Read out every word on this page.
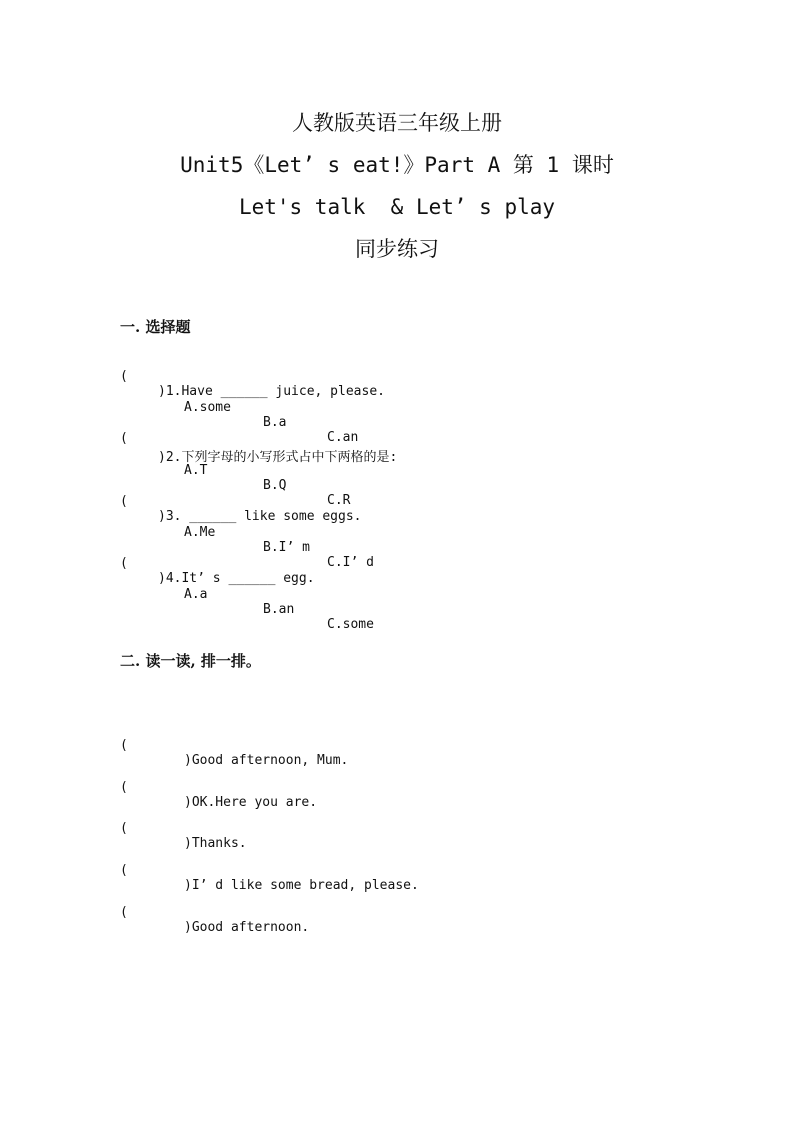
人教版英语三年级上册
Unit5《Let’ s eat!》Part A 第 1 课时
Let's talk  & Let’ s play
同步练习
一. 选择题

(

)1.Have ______ juice, please.

A.some

B.a

C.an

(

)2.下列字母的小写形式占中下两格的是:

A.T

B.Q

C.R

(

)3. ______ like some eggs.

A.Me

B.I’ m

C.I’ d

(

)4.It’ s ______ egg.

A.a

B.an

C.some

二. 读一读, 排一排。

(

)Good afternoon, Mum.

(

)OK.Here you are.

(

)Thanks.

(

)I’ d like some bread, please.

(

)Good afternoon.
